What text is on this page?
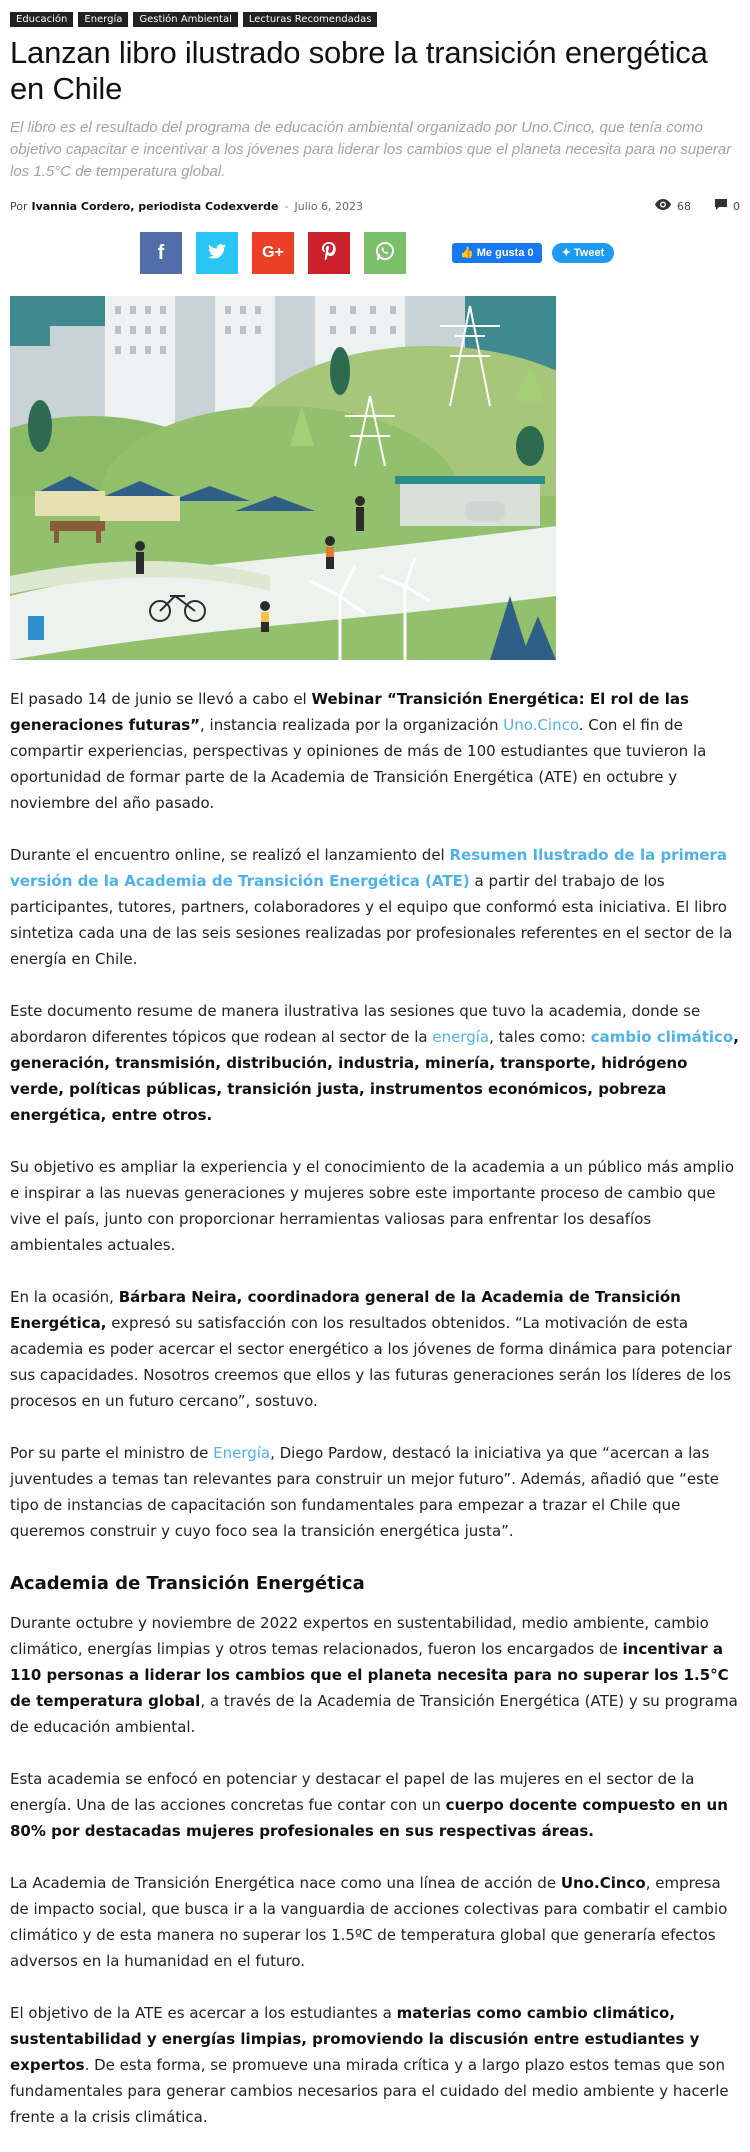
Educación	Energía	Gestión Ambiental	Lecturas Recomendadas
Lanzan libro ilustrado sobre la transición energética en Chile

El libro es el resultado del programa de educación ambiental organizado por Uno.Cinco, que tenía como objetivo capacitar e incentivar a los jóvenes para liderar los cambios que el planeta necesita para no superar los 1.5°C de temperatura global.

Por Ivannia Cordero, periodista Codexverde - Julio 6, 2023	68	0
f	G+	👍 Me gusta 0	✦ Tweet

El pasado 14 de junio se llevó a cabo el Webinar “Transición Energética: El rol de las generaciones futuras”, instancia realizada por la organización Uno.Cinco. Con el fin de compartir experiencias, perspectivas y opiniones de más de 100 estudiantes que tuvieron la oportunidad de formar parte de la Academia de Transición Energética (ATE) en octubre y noviembre del año pasado.

Durante el encuentro online, se realizó el lanzamiento del Resumen Ilustrado de la primera versión de la Academia de Transición Energética (ATE) a partir del trabajo de los participantes, tutores, partners, colaboradores y el equipo que conformó esta iniciativa. El libro sintetiza cada una de las seis sesiones realizadas por profesionales referentes en el sector de la energía en Chile.

Este documento resume de manera ilustrativa las sesiones que tuvo la academia, donde se abordaron diferentes tópicos que rodean al sector de la energía, tales como: cambio climático, generación, transmisión, distribución, industria, minería, transporte, hidrógeno verde, políticas públicas, transición justa, instrumentos económicos, pobreza energética, entre otros.

Su objetivo es ampliar la experiencia y el conocimiento de la academia a un público más amplio e inspirar a las nuevas generaciones y mujeres sobre este importante proceso de cambio que vive el país, junto con proporcionar herramientas valiosas para enfrentar los desafíos ambientales actuales.

En la ocasión, Bárbara Neira, coordinadora general de la Academia de Transición Energética, expresó su satisfacción con los resultados obtenidos. “La motivación de esta academia es poder acercar el sector energético a los jóvenes de forma dinámica para potenciar sus capacidades. Nosotros creemos que ellos y las futuras generaciones serán los líderes de los procesos en un futuro cercano”, sostuvo.

Por su parte el ministro de Energía, Diego Pardow, destacó la iniciativa ya que “acercan a las juventudes a temas tan relevantes para construir un mejor futuro”. Además, añadió que “este tipo de instancias de capacitación son fundamentales para empezar a trazar el Chile que queremos construir y cuyo foco sea la transición energética justa”.

Academia de Transición Energética

Durante octubre y noviembre de 2022 expertos en sustentabilidad, medio ambiente, cambio climático, energías limpias y otros temas relacionados, fueron los encargados de incentivar a 110 personas a liderar los cambios que el planeta necesita para no superar los 1.5°C de temperatura global, a través de la Academia de Transición Energética (ATE) y su programa de educación ambiental.

Esta academia se enfocó en potenciar y destacar el papel de las mujeres en el sector de la energía. Una de las acciones concretas fue contar con un cuerpo docente compuesto en un 80% por destacadas mujeres profesionales en sus respectivas áreas.

La Academia de Transición Energética nace como una línea de acción de Uno.Cinco, empresa de impacto social, que busca ir a la vanguardia de acciones colectivas para combatir el cambio climático y de esta manera no superar los 1.5ºC de temperatura global que generaría efectos adversos en la humanidad en el futuro.

El objetivo de la ATE es acercar a los estudiantes a materias como cambio climático, sustentabilidad y energías limpias, promoviendo la discusión entre estudiantes y expertos. De esta forma, se promueve una mirada crítica y a largo plazo estos temas que son fundamentales para generar cambios necesarios para el cuidado del medio ambiente y hacerle frente a la crisis climática.
